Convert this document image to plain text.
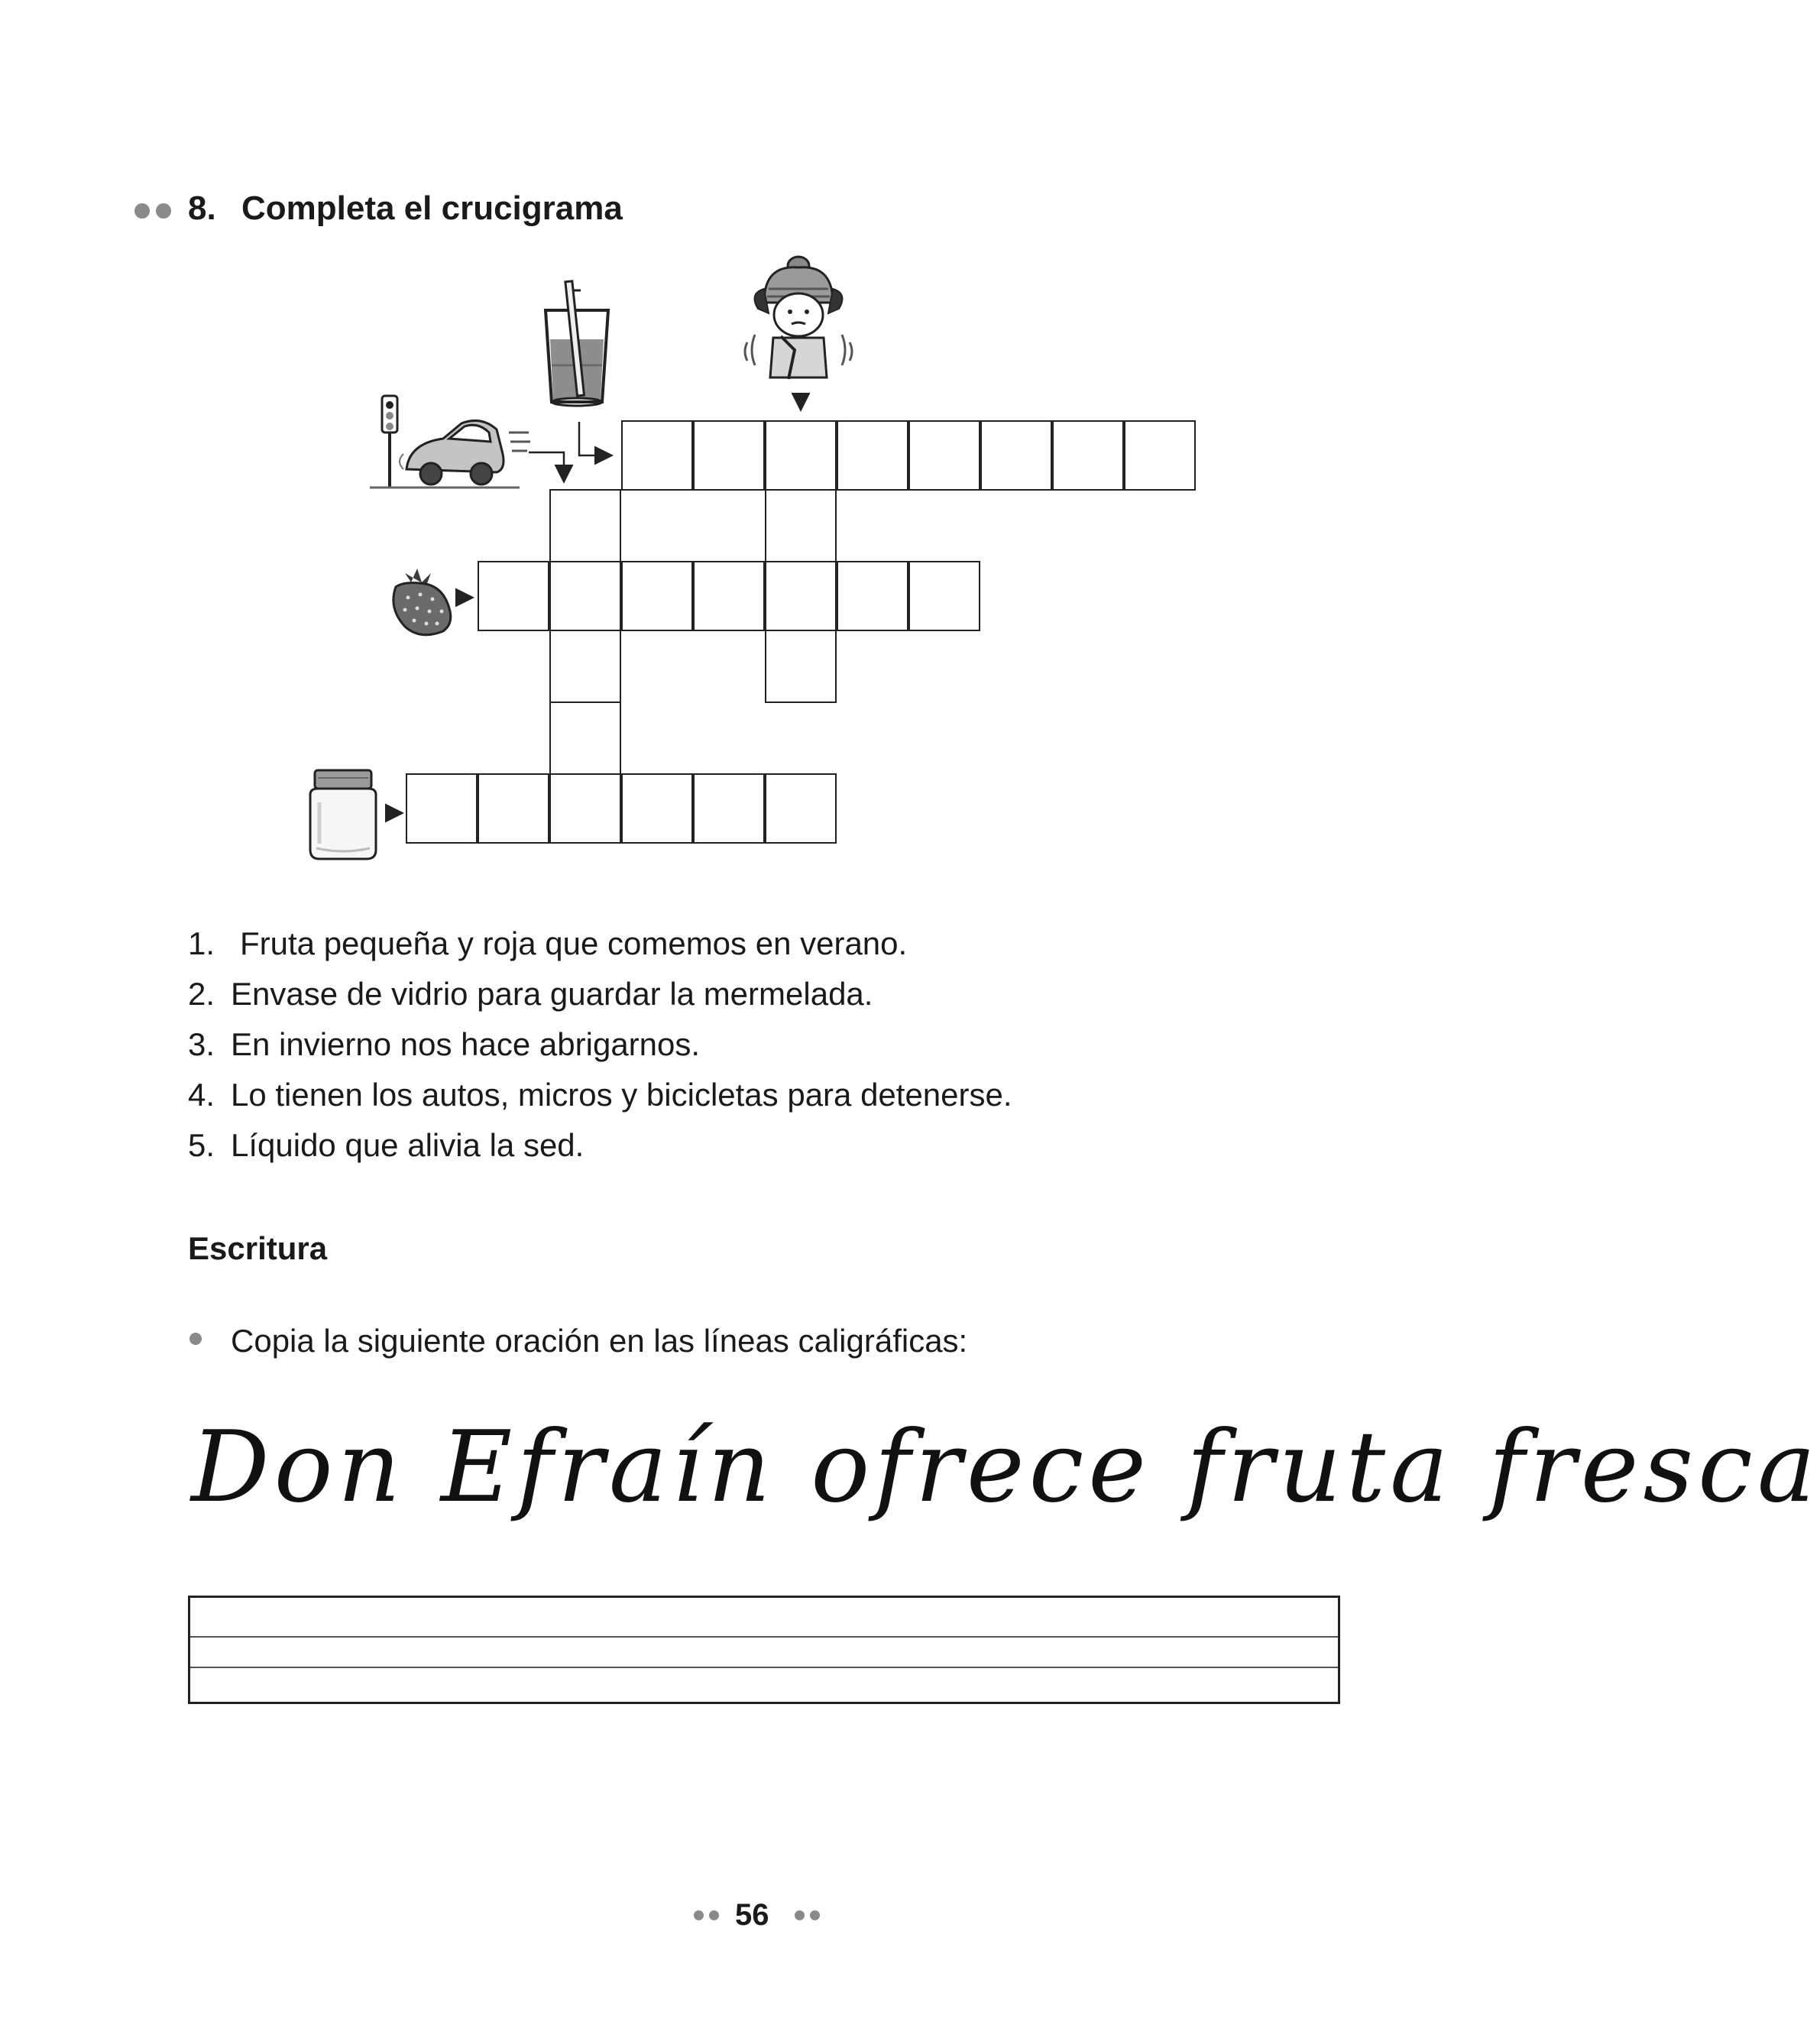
8. Completa el crucigrama
1. Fruta pequeña y roja que comemos en verano.
2. Envase de vidrio para guardar la mermelada.
3. En invierno nos hace abrigarnos.
4. Lo tienen los autos, micros y bicicletas para detenerse.
5. Líquido que alivia la sed.
Escritura
Copia la siguiente oración en las líneas caligráficas:
Don Efraín ofrece fruta fresca
56
